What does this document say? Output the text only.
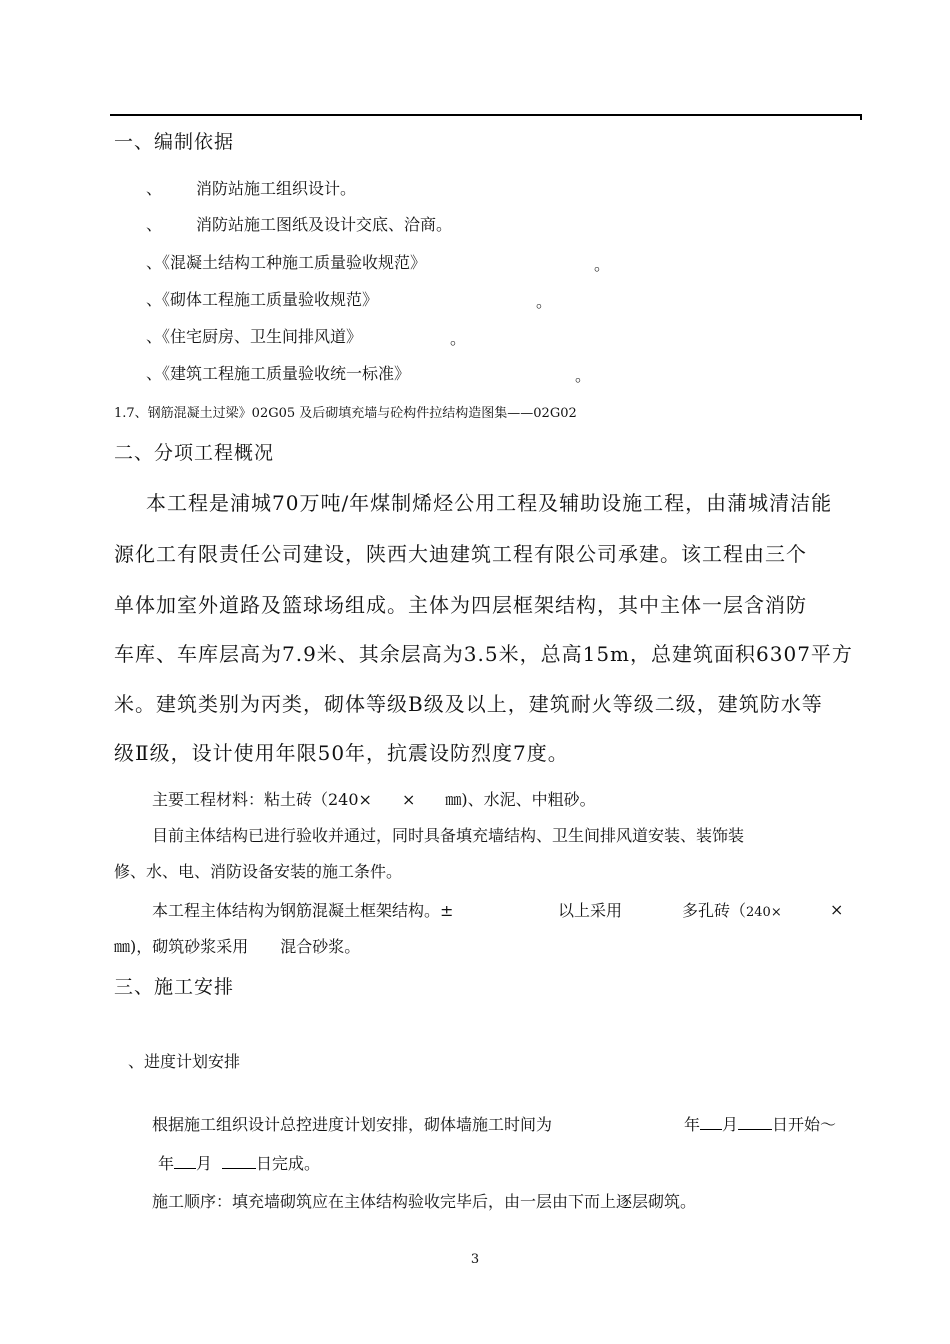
一、编制依据
、 消防站施工组织设计。
、 消防站施工图纸及设计交底、洽商。
、《混凝土结构工种施工质量验收规范》	。
、《砌体工程施工质量验收规范》	。
、《住宅厨房、卫生间排风道》	。
、《建筑工程施工质量验收统一标准》	。
1.7、钢筋混凝土过梁》02G05 及后砌填充墙与砼构件拉结构造图集——02G02
二、分项工程概况
本工程是浦城70万吨/年煤制烯烃公用工程及辅助设施工程，由蒲城清洁能
源化工有限责任公司建设，陕西大迪建筑工程有限公司承建。该工程由三个
单体加室外道路及篮球场组成。主体为四层框架结构，其中主体一层含消防
车库、车库层高为7.9米、其余层高为3.5米，总高15m，总建筑面积6307平方
米。建筑类别为丙类，砌体等级B级及以上，建筑耐火等级二级，建筑防水等
级Ⅱ级，设计使用年限50年，抗震设防烈度7度。
主要工程材料：粘土砖（240× × ㎜)、水泥、中粗砂。
目前主体结构已进行验收并通过，同时具备填充墙结构、卫生间排风道安装、装饰装
修、水、电、消防设备安装的施工条件。
本工程主体结构为钢筋混凝土框架结构。±	以上采用	多孔砖（240×	×
㎜)，砌筑砂浆采用 混合砂浆。
三、施工安排
、进度计划安排
根据施工组织设计总控进度计划安排，砌体墙施工时间为	年 月 日开始～
年 月	日完成。
施工顺序：填充墙砌筑应在主体结构验收完毕后，由一层由下而上逐层砌筑。
3
